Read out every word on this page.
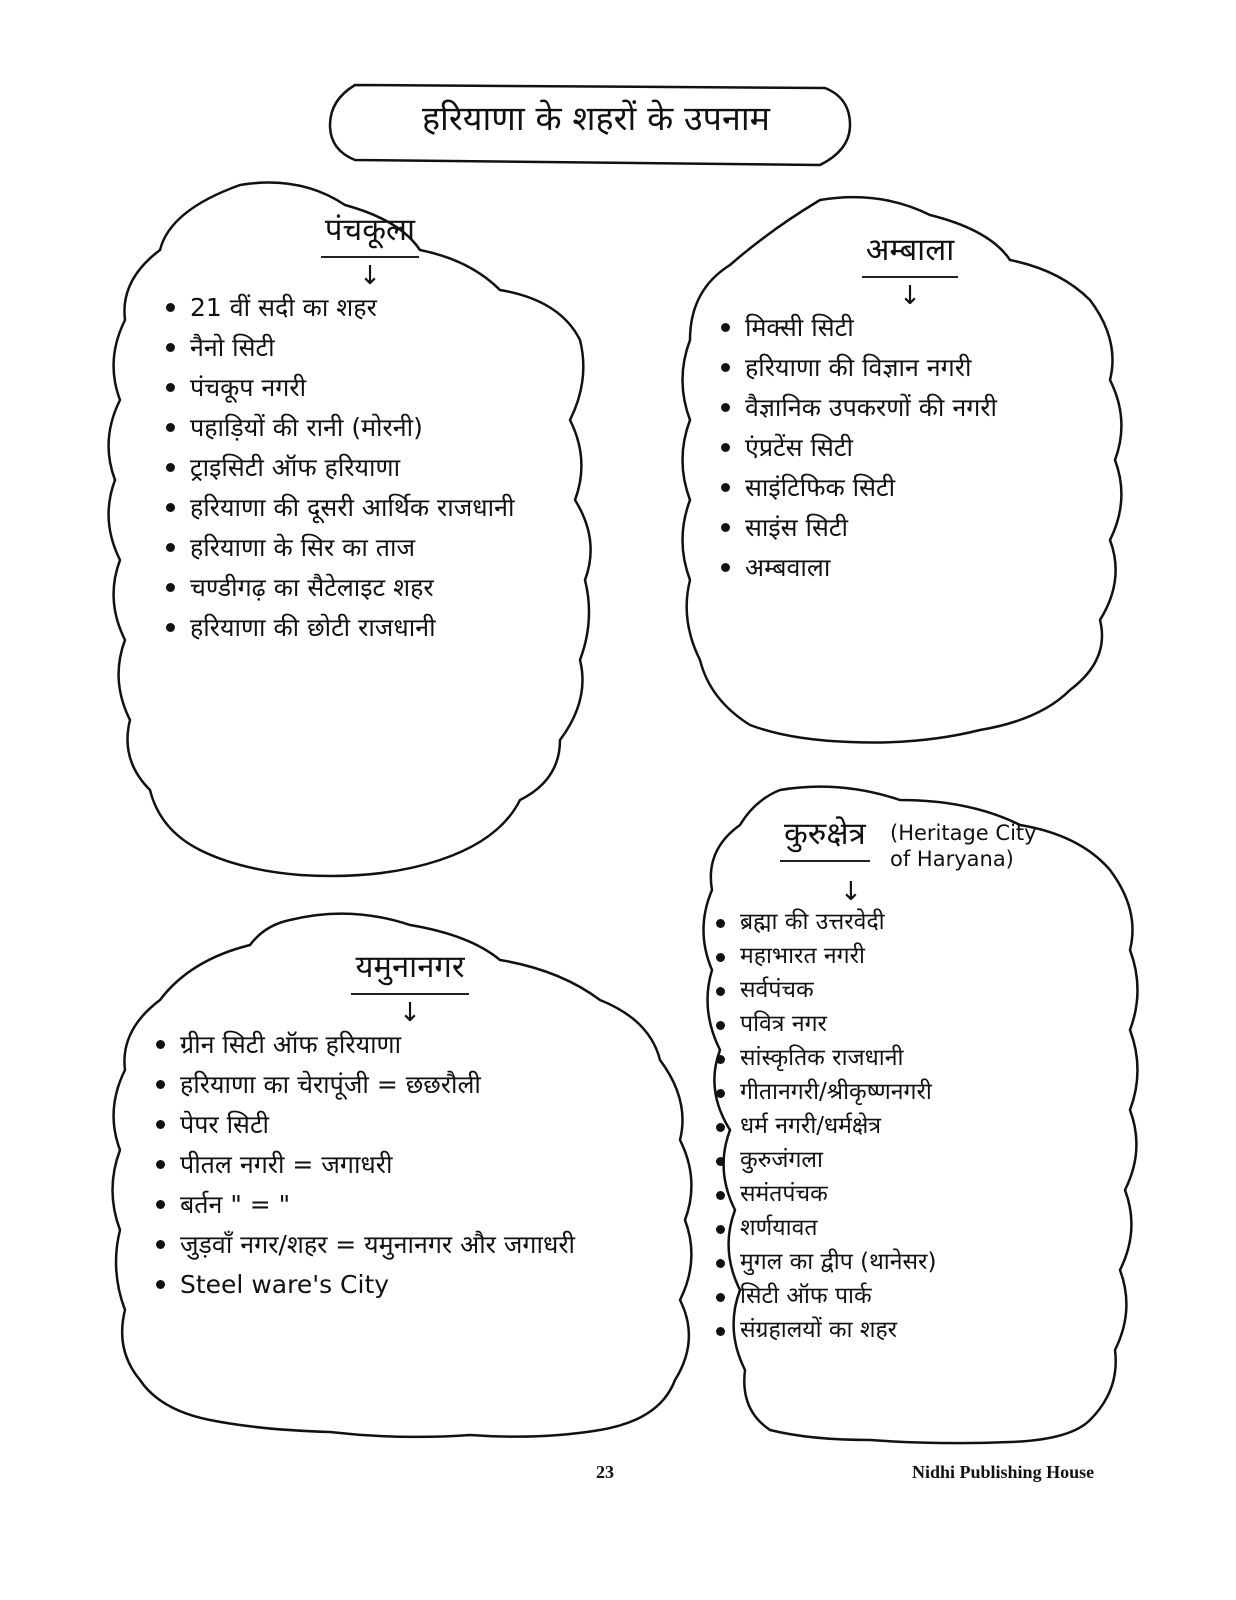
हरियाणा के शहरों के उपनाम
पंचकूला
↓
21 वीं सदी का शहर
नैनो सिटी
पंचकूप नगरी
पहाड़ियों की रानी (मोरनी)
ट्राइसिटी ऑफ हरियाणा
हरियाणा की दूसरी आर्थिक राजधानी
हरियाणा के सिर का ताज
चण्डीगढ़ का सैटेलाइट शहर
हरियाणा की छोटी राजधानी
अम्बाला
↓
मिक्सी सिटी
हरियाणा की विज्ञान नगरी
वैज्ञानिक उपकरणों की नगरी
एंप्रटेंस सिटी
साइंटिफिक सिटी
साइंस सिटी
अम्बवाला
यमुनानगर
↓
ग्रीन सिटी ऑफ हरियाणा
हरियाणा का चेरापूंजी = छछरौली
पेपर सिटी
पीतल नगरी = जगाधरी
बर्तन " = "
जुड़वाँ नगर/शहर = यमुनानगर और जगाधरी
Steel ware's City
कुरुक्षेत्र (Heritage City of Haryana)
↓
ब्रह्मा की उत्तरवेदी
महाभारत नगरी
सर्वपंचक
पवित्र नगर
सांस्कृतिक राजधानी
गीतानगरी/श्रीकृष्णनगरी
धर्म नगरी/धर्मक्षेत्र
कुरुजंगला
समंतपंचक
शर्णयावत
मुगल का द्वीप (थानेसर)
सिटी ऑफ पार्क
संग्रहालयों का शहर
23	Nidhi Publishing House
